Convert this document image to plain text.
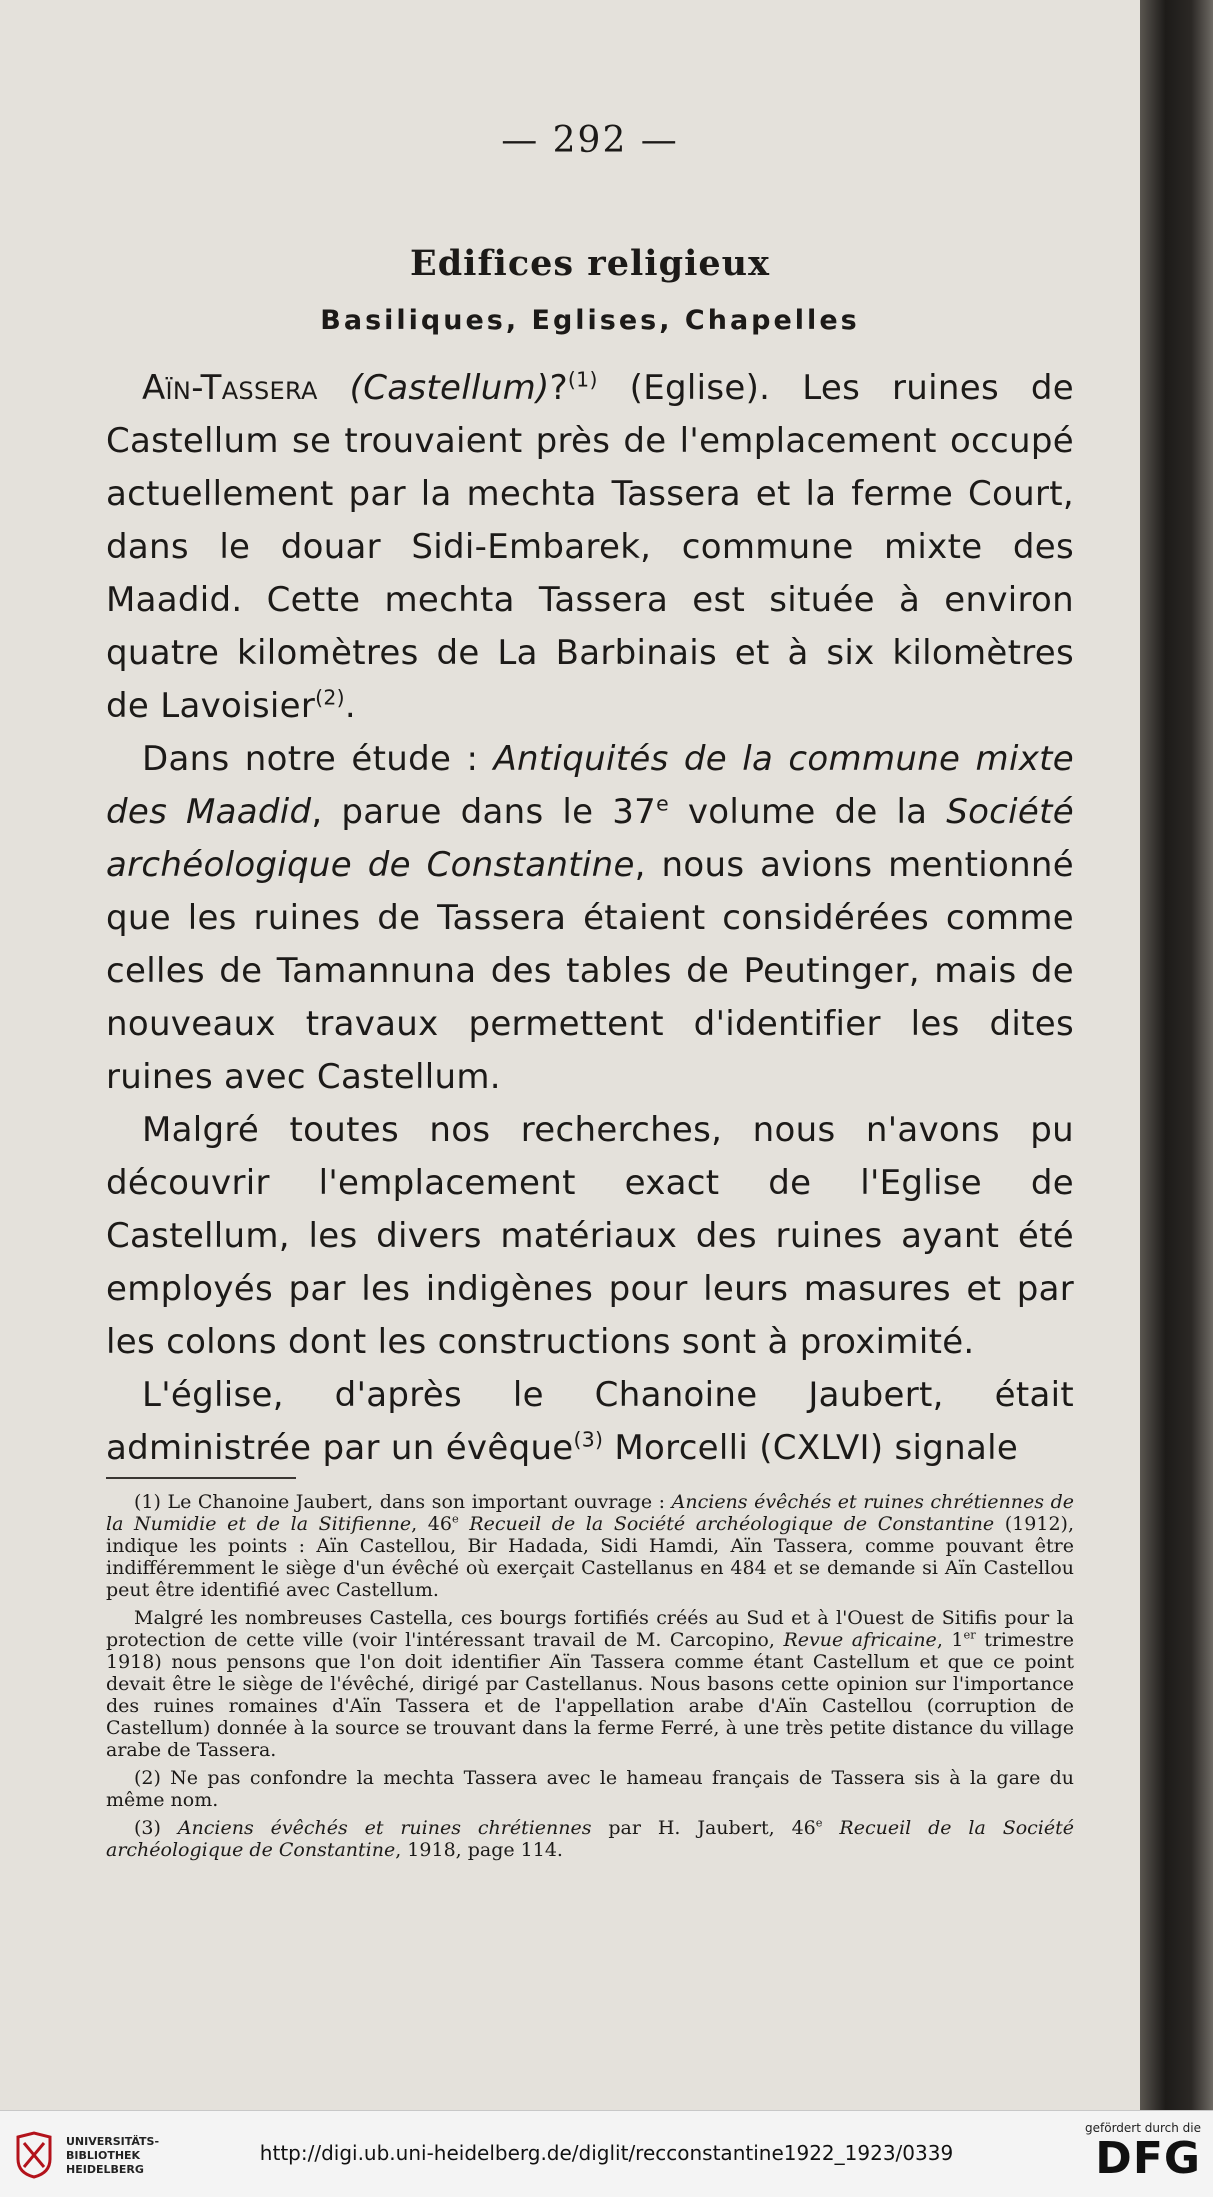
— 292 —
Edifices religieux
Basiliques, Eglises, Chapelles

Aïn-Tassera (Castellum)?$^{(1)}$ (Eglise). Les ruines de Castellum se trouvaient près de l'emplacement occupé actuellement par la mechta Tassera et la ferme Court, dans le douar Sidi-Embarek, commune mixte des Maadid. Cette mechta Tassera est située à environ quatre kilomètres de La Barbinais et à six kilomètres de Lavoisier$^{(2)}$.

Dans notre étude : Antiquités de la commune mixte des Maadid, parue dans le 37e volume de la Société archéologique de Constantine, nous avions mentionné que les ruines de Tassera étaient considérées comme celles de Tamannuna des tables de Peutinger, mais de nouveaux travaux permettent d'identifier les dites ruines avec Castellum.

Malgré toutes nos recherches, nous n'avons pu découvrir l'emplacement exact de l'Eglise de Castellum, les divers matériaux des ruines ayant été employés par les indigènes pour leurs masures et par les colons dont les constructions sont à proximité.

L'église, d'après le Chanoine Jaubert, était administrée par un évêque$^{(3)}$ Morcelli (CXLVI) signale

(1) Le Chanoine Jaubert, dans son important ouvrage : Anciens évêchés et ruines chrétiennes de la Numidie et de la Sitifienne, 46e Recueil de la Société archéologique de Constantine (1912), indique les points : Aïn Castellou, Bir Hadada, Sidi Hamdi, Aïn Tassera, comme pouvant être indifféremment le siège d'un évêché où exerçait Castellanus en 484 et se demande si Aïn Castellou peut être identifié avec Castellum.

Malgré les nombreuses Castella, ces bourgs fortifiés créés au Sud et à l'Ouest de Sitifis pour la protection de cette ville (voir l'intéressant travail de M. Carcopino, Revue africaine, 1er trimestre 1918) nous pensons que l'on doit identifier Aïn Tassera comme étant Castellum et que ce point devait être le siège de l'évêché, dirigé par Castellanus. Nous basons cette opinion sur l'importance des ruines romaines d'Aïn Tassera et de l'appellation arabe d'Aïn Castellou (corruption de Castellum) donnée à la source se trouvant dans la ferme Ferré, à une très petite distance du village arabe de Tassera.

(2) Ne pas confondre la mechta Tassera avec le hameau français de Tassera sis à la gare du même nom.

(3) Anciens évêchés et ruines chrétiennes par H. Jaubert, 46e Recueil de la Société archéologique de Constantine, 1918, page 114.

UNIVERSITÄTS-
BIBLIOTHEK
HEIDELBERG
http://digi.ub.uni-heidelberg.de/diglit/recconstantine1922_1923/0339
gefördert durch die
DFG
